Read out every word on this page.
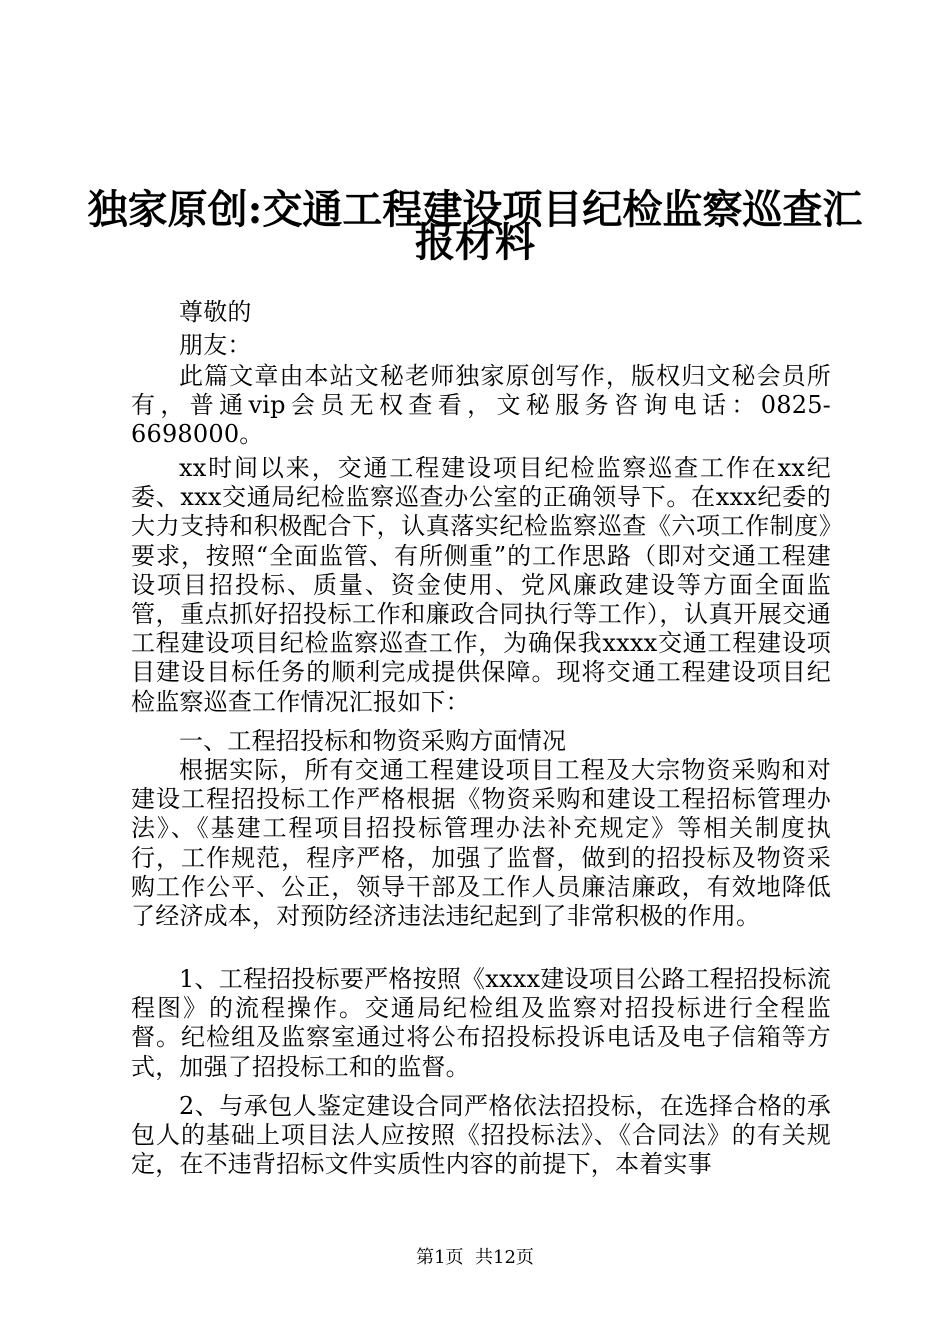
独家原创:交通工程建设项目纪检监察巡查汇
报材料

尊敬的

朋友：

此篇文章由本站文秘老师独家原创写作，版权归文秘会员所有，普通vip会员无权查看，文秘服务咨询电话：0825-6698000。

xx时间以来，交通工程建设项目纪检监察巡查工作在xx纪委、xxx交通局纪检监察巡查办公室的正确领导下。在xxx纪委的大力支持和积极配合下，认真落实纪检监察巡查《六项工作制度》要求，按照“全面监管、有所侧重”的工作思路（即对交通工程建设项目招投标、质量、资金使用、党风廉政建设等方面全面监管，重点抓好招投标工作和廉政合同执行等工作），认真开展交通工程建设项目纪检监察巡查工作，为确保我xxxx交通工程建设项目建设目标任务的顺利完成提供保障。现将交通工程建设项目纪检监察巡查工作情况汇报如下：

一、工程招投标和物资采购方面情况

根据实际，所有交通工程建设项目工程及大宗物资采购和对建设工程招投标工作严格根据《物资采购和建设工程招标管理办法》、《基建工程项目招投标管理办法补充规定》等相关制度执行，工作规范，程序严格，加强了监督，做到的招投标及物资采购工作公平、公正，领导干部及工作人员廉洁廉政，有效地降低了经济成本，对预防经济违法违纪起到了非常积极的作用。

1、工程招投标要严格按照《xxxx建设项目公路工程招投标流程图》的流程操作。交通局纪检组及监察对招投标进行全程监督。纪检组及监察室通过将公布招投标投诉电话及电子信箱等方式，加强了招投标工和的监督。

2、与承包人鉴定建设合同严格依法招投标，在选择合格的承包人的基础上项目法人应按照《招投标法》、《合同法》的有关规定，在不违背招标文件实质性内容的前提下，本着实事

第1页  共12页
